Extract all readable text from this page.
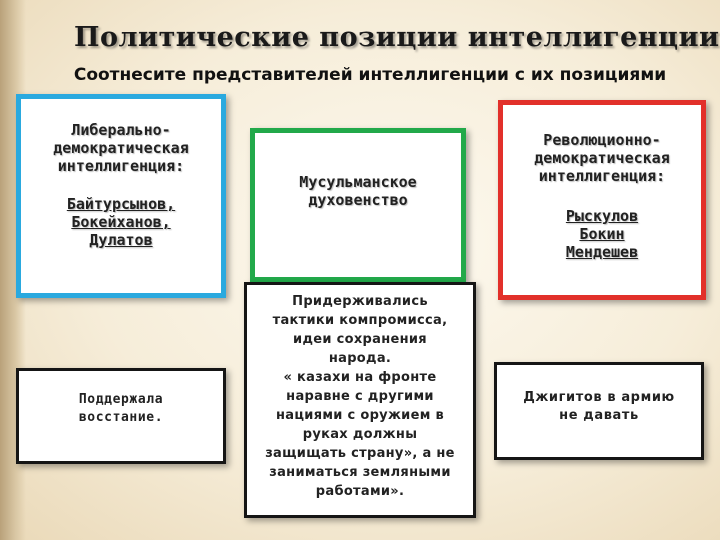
Политические позиции интеллигенции
Соотнесите представителей интеллигенции с их позициями
Либерально-
демократическая
интеллигенция:
Байтурсынов,
Бокейханов,
Дулатов
Мусульманское
духовенство
Революционно-
демократическая
интеллигенция:
Рыскулов
Бокин
Мендешев
Поддержала
восстание.
Придерживались
тактики компромисса,
идеи сохранения
народа.
« казахи на фронте
наравне с другими
нациями с оружием в
руках должны
защищать страну», а не
заниматься земляными
работами».
Джигитов в армию
не давать
